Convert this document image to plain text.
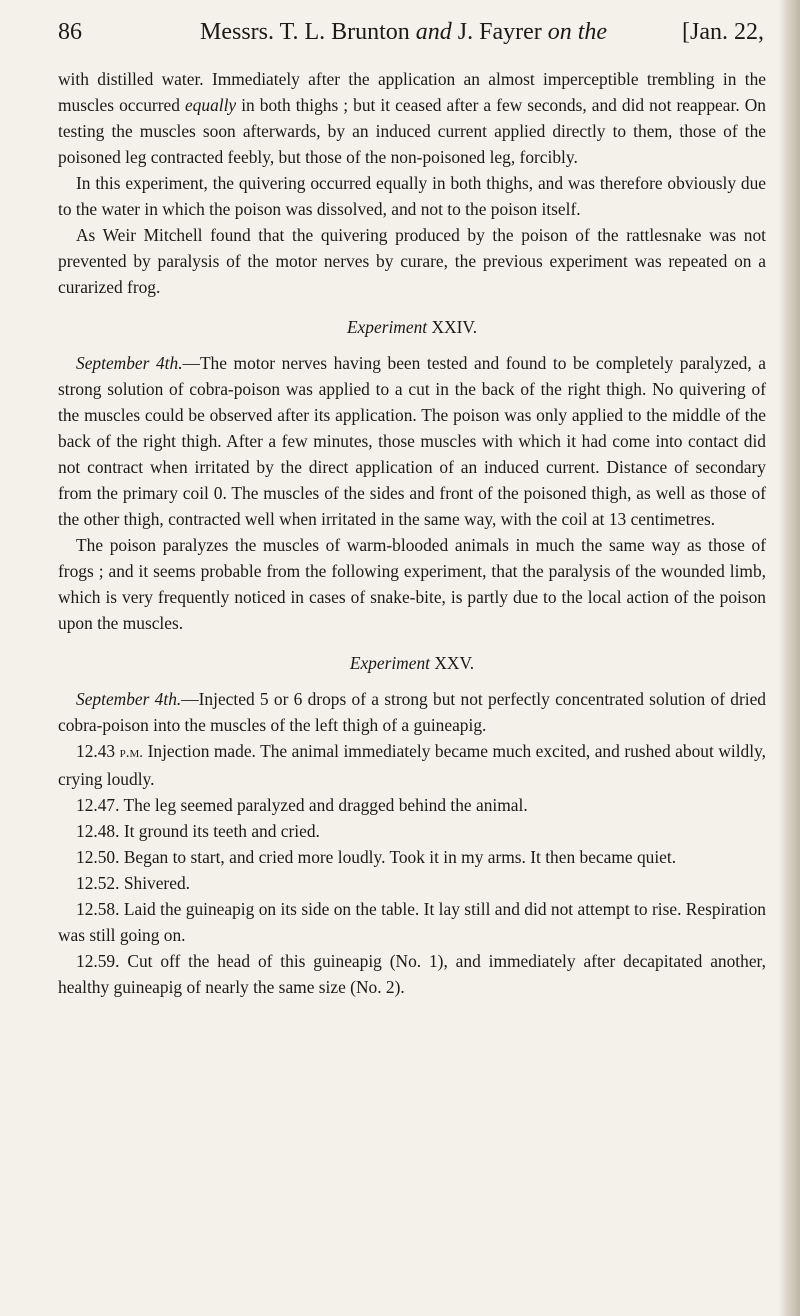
86	Messrs. T. L. Brunton and J. Fayrer on the	[Jan. 22,

with distilled water. Immediately after the application an almost imperceptible trembling in the muscles occurred equally in both thighs ; but it ceased after a few seconds, and did not reappear. On testing the muscles soon afterwards, by an induced current applied directly to them, those of the poisoned leg contracted feebly, but those of the non-poisoned leg, forcibly.

In this experiment, the quivering occurred equally in both thighs, and was therefore obviously due to the water in which the poison was dissolved, and not to the poison itself.

As Weir Mitchell found that the quivering produced by the poison of the rattlesnake was not prevented by paralysis of the motor nerves by curare, the previous experiment was repeated on a curarized frog.

Experiment XXIV.

September 4th.—The motor nerves having been tested and found to be completely paralyzed, a strong solution of cobra-poison was applied to a cut in the back of the right thigh. No quivering of the muscles could be observed after its application. The poison was only applied to the middle of the back of the right thigh. After a few minutes, those muscles with which it had come into contact did not contract when irritated by the direct application of an induced current. Distance of secondary from the primary coil 0. The muscles of the sides and front of the poisoned thigh, as well as those of the other thigh, contracted well when irritated in the same way, with the coil at 13 centimetres.

The poison paralyzes the muscles of warm-blooded animals in much the same way as those of frogs ; and it seems probable from the following experiment, that the paralysis of the wounded limb, which is very frequently noticed in cases of snake-bite, is partly due to the local action of the poison upon the muscles.

Experiment XXV.

September 4th.—Injected 5 or 6 drops of a strong but not perfectly concentrated solution of dried cobra-poison into the muscles of the left thigh of a guineapig.

12.43 p.m. Injection made. The animal immediately became much excited, and rushed about wildly, crying loudly.

12.47. The leg seemed paralyzed and dragged behind the animal.

12.48. It ground its teeth and cried.

12.50. Began to start, and cried more loudly. Took it in my arms. It then became quiet.

12.52. Shivered.

12.58. Laid the guineapig on its side on the table. It lay still and did not attempt to rise. Respiration was still going on.

12.59. Cut off the head of this guineapig (No. 1), and immediately after decapitated another, healthy guineapig of nearly the same size (No. 2).
